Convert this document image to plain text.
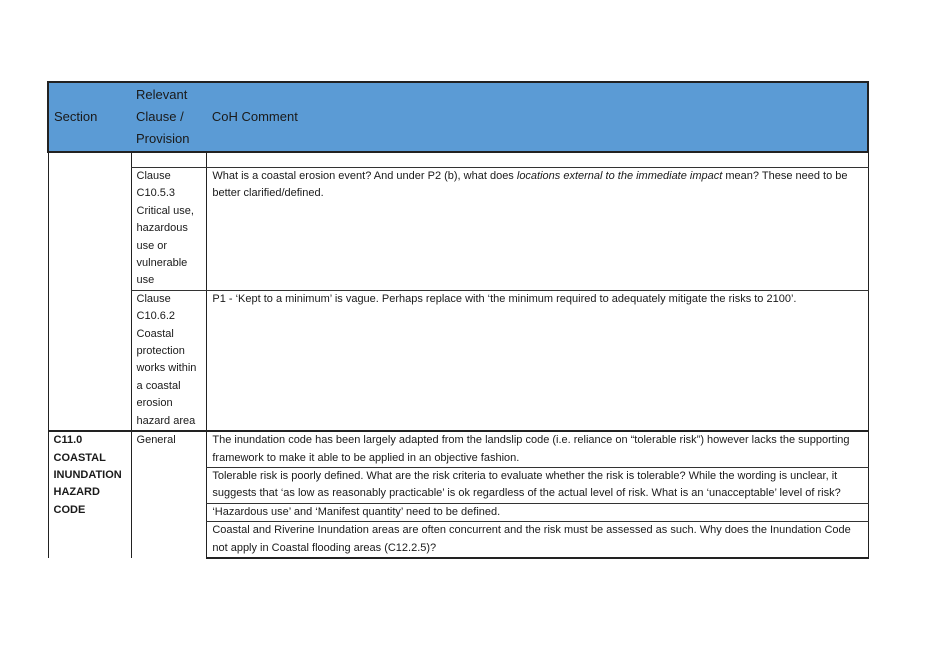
Section	Relevant
Clause /
Provision	CoH Comment

	Clause C10.5.3 Critical use, hazardous use or vulnerable use	What is a coastal erosion event? And under P2 (b), what does locations external to the immediate impact mean? These need to be better clarified/defined.
	Clause C10.6.2 Coastal protection works within a coastal erosion hazard area	P1 - ‘Kept to a minimum’ is vague. Perhaps replace with ‘the minimum required to adequately mitigate the risks to 2100’.
C11.0 COASTAL INUNDATION HAZARD CODE	General	The inundation code has been largely adapted from the landslip code (i.e. reliance on “tolerable risk”) however lacks the supporting framework to make it able to be applied in an objective fashion.
		Tolerable risk is poorly defined. What are the risk criteria to evaluate whether the risk is tolerable? While the wording is unclear, it suggests that ‘as low as reasonably practicable’ is ok regardless of the actual level of risk. What is an ‘unacceptable’ level of risk?
		‘Hazardous use’ and ‘Manifest quantity’ need to be defined.
		Coastal and Riverine Inundation areas are often concurrent and the risk must be assessed as such. Why does the Inundation Code not apply in Coastal flooding areas (C12.2.5)?
